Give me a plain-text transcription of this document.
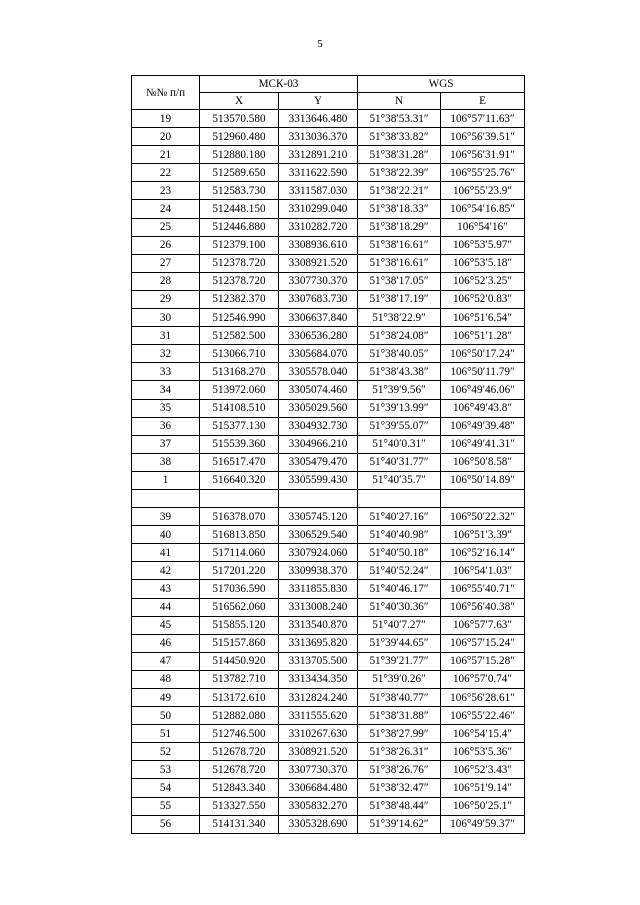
5
№№ п/п	МСК-03		WGS	
	X	Y	N	E
19	513570.580	3313646.480	51°38′53.31″	106°57′11.63″
20	512960.480	3313036.370	51°38′33.82″	106°56′39.51″
21	512880.180	3312891.210	51°38′31.28″	106°56′31.91″
22	512589.650	3311622.590	51°38′22.39″	106°55′25.76″
23	512583.730	3311587.030	51°38′22.21″	106°55′23.9″
24	512448.150	3310299.040	51°38′18.33″	106°54′16.85″
25	512446.880	3310282.720	51°38′18.29″	106°54′16″
26	512379.100	3308936.610	51°38′16.61″	106°53′5.97″
27	512378.720	3308921.520	51°38′16.61″	106°53′5.18″
28	512378.720	3307730.370	51°38′17.05″	106°52′3.25″
29	512382.370	3307683.730	51°38′17.19″	106°52′0.83″
30	512546.990	3306637.840	51°38′22.9″	106°51′6.54″
31	512582.500	3306536.280	51°38′24.08″	106°51′1.28″
32	513066.710	3305684.070	51°38′40.05″	106°50′17.24″
33	513168.270	3305578.040	51°38′43.38″	106°50′11.79″
34	513972.060	3305074.460	51°39′9.56″	106°49′46.06″
35	514108.510	3305029.560	51°39′13.99″	106°49′43.8″
36	515377.130	3304932.730	51°39′55.07″	106°49′39.48″
37	515539.360	3304966.210	51°40′0.31″	106°49′41.31″
38	516517.470	3305479.470	51°40′31.77″	106°50′8.58″
1	516640.320	3305599.430	51°40′35.7″	106°50′14.89″

39	516378.070	3305745.120	51°40′27.16″	106°50′22.32″
40	516813.850	3306529.540	51°40′40.98″	106°51′3.39″
41	517114.060	3307924.060	51°40′50.18″	106°52′16.14″
42	517201.220	3309938.370	51°40′52.24″	106°54′1.03″
43	517036.590	3311855.830	51°40′46.17″	106°55′40.71″
44	516562.060	3313008.240	51°40′30.36″	106°56′40.38″
45	515855.120	3313540.870	51°40′7.27″	106°57′7.63″
46	515157.860	3313695.820	51°39′44.65″	106°57′15.24″
47	514450.920	3313705.500	51°39′21.77″	106°57′15.28″
48	513782.710	3313434.350	51°39′0.26″	106°57′0.74″
49	513172.610	3312824.240	51°38′40.77″	106°56′28.61″
50	512882.080	3311555.620	51°38′31.88″	106°55′22.46″
51	512746.500	3310267.630	51°38′27.99″	106°54′15.4″
52	512678.720	3308921.520	51°38′26.31″	106°53′5.36″
53	512678.720	3307730.370	51°38′26.76″	106°52′3.43″
54	512843.340	3306684.480	51°38′32.47″	106°51′9.14″
55	513327.550	3305832.270	51°38′48.44″	106°50′25.1″
56	514131.340	3305328.690	51°39′14.62″	106°49′59.37″
